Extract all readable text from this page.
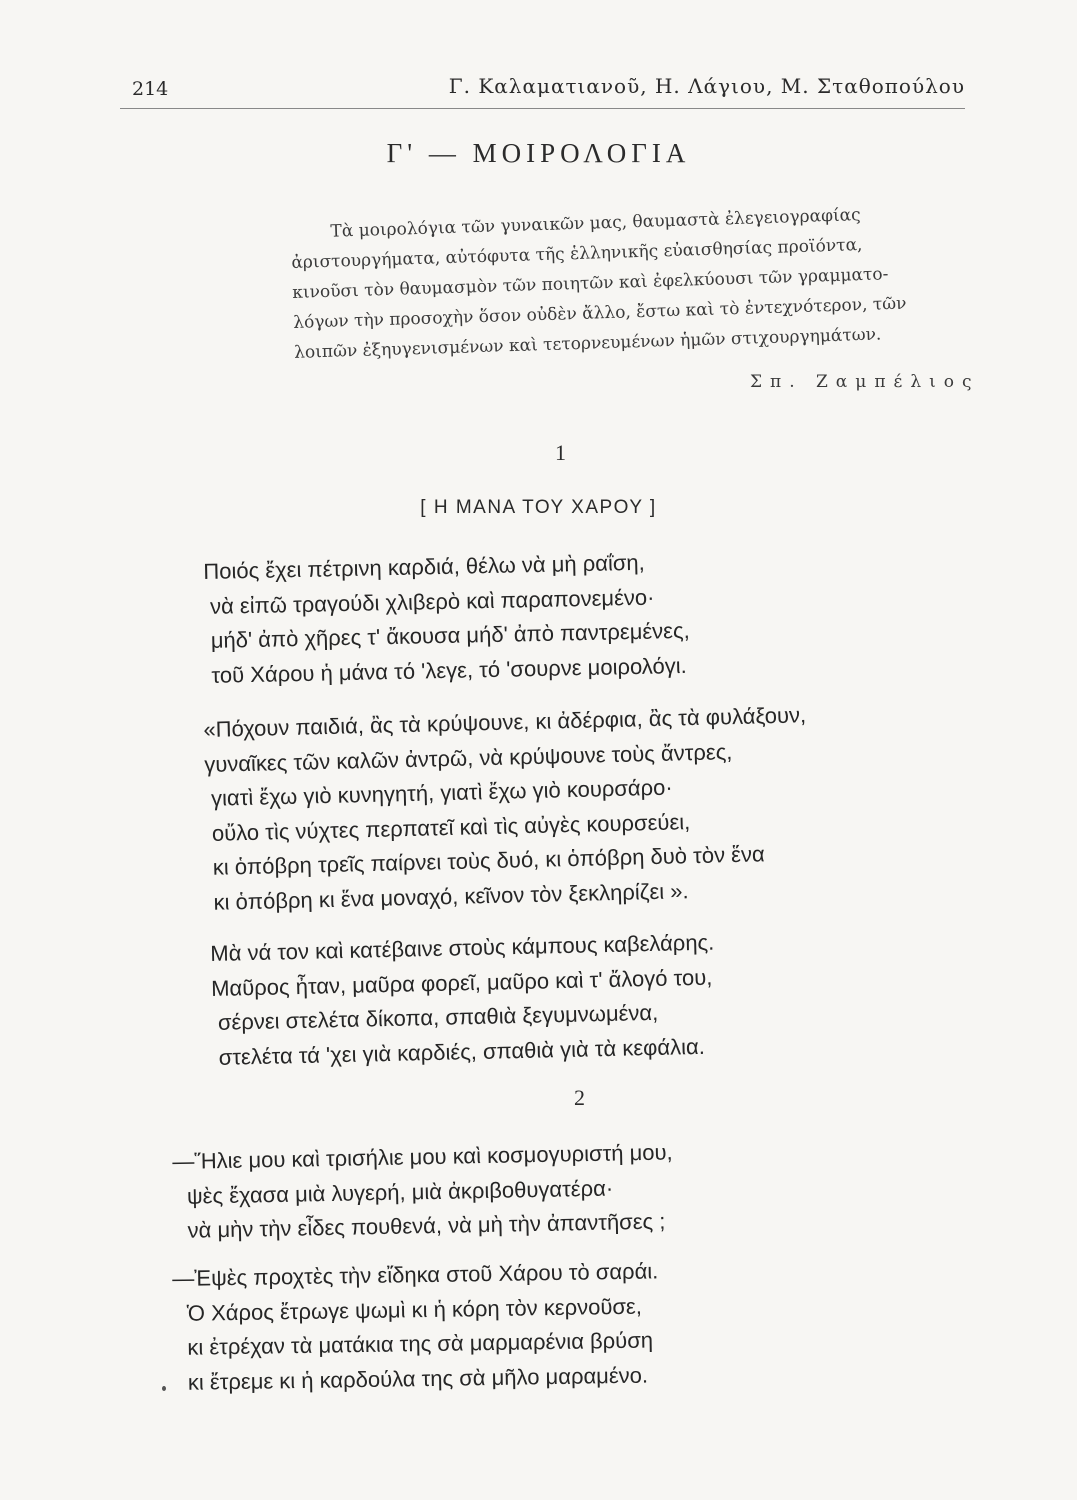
214	Γ. Καλαματιανοῦ, Η. Λάγιου, Μ. Σταθοπούλου
Γ' — ΜΟΙΡΟΛΟΓΙΑ
Τὰ μοιρολόγια τῶν γυναικῶν μας, θαυμαστὰ ἐλεγειογραφίας
ἀριστουργήματα, αὐτόφυτα τῆς ἑλληνικῆς εὐαισθησίας προϊόντα,
κινοῦσι τὸν θαυμασμὸν τῶν ποιητῶν καὶ ἐφελκύουσι τῶν γραμματο-
λόγων τὴν προσοχὴν ὅσον οὐδὲν ἄλλο, ἔστω καὶ τὸ ἐντεχνότερον, τῶν
λοιπῶν ἐξηυγενισμένων καὶ τετορνευμένων ἡμῶν στιχουργημάτων.
Σπ. Ζαμπέλιος
1
[ Η ΜΑΝΑ ΤΟΥ ΧΑΡΟΥ ]
Ποιός ἔχει πέτρινη καρδιά, θέλω νὰ μὴ ραΐση,
νὰ εἰπῶ τραγούδι χλιβερὸ καὶ παραπονεμένο·
μήδ' ἀπὸ χῆρες τ' ἄκουσα μήδ' ἀπὸ παντρεμένες,
τοῦ Χάρου ἡ μάνα τό 'λεγε, τό 'σουρνε μοιρολόγι.
«Πόχουν παιδιά, ἂς τὰ κρύψουνε, κι ἀδέρφια, ἂς τὰ φυλάξουν,
γυναῖκες τῶν καλῶν ἀντρῶ, νὰ κρύψουνε τοὺς ἄντρες,
γιατὶ ἔχω γιὸ κυνηγητή, γιατὶ ἔχω γιὸ κουρσάρο·
οὔλο τὶς νύχτες περπατεῖ καὶ τὶς αὐγὲς κουρσεύει,
κι ὁπόβρη τρεῖς παίρνει τοὺς δυό, κι ὁπόβρη δυὸ τὸν ἕνα
κι ὁπόβρη κι ἕνα μοναχό, κεῖνον τὸν ξεκληρίζει ».
Μὰ νά τον καὶ κατέβαινε στοὺς κάμπους καβελάρης.
Μαῦρος ἦταν, μαῦρα φορεῖ, μαῦρο καὶ τ' ἄλογό του,
σέρνει στελέτα δίκοπα, σπαθιὰ ξεγυμνωμένα,
στελέτα τά 'χει γιὰ καρδιές, σπαθιὰ γιὰ τὰ κεφάλια.
2
—Ἥλιε μου καὶ τρισήλιε μου καὶ κοσμογυριστή μου,
ψὲς ἔχασα μιὰ λυγερή, μιὰ ἀκριβοθυγατέρα·
νὰ μὴν τὴν εἶδες πουθενά, νὰ μὴ τὴν ἀπαντῆσες ;
—Ἐψὲς προχτὲς τὴν εἴδηκα στοῦ Χάρου τὸ σαράι.
Ὁ Χάρος ἔτρωγε ψωμὶ κι ἡ κόρη τὸν κερνοῦσε,
κι ἐτρέχαν τὰ ματάκια της σὰ μαρμαρένια βρύση
κι ἔτρεμε κι ἡ καρδούλα της σὰ μῆλο μαραμένο.
